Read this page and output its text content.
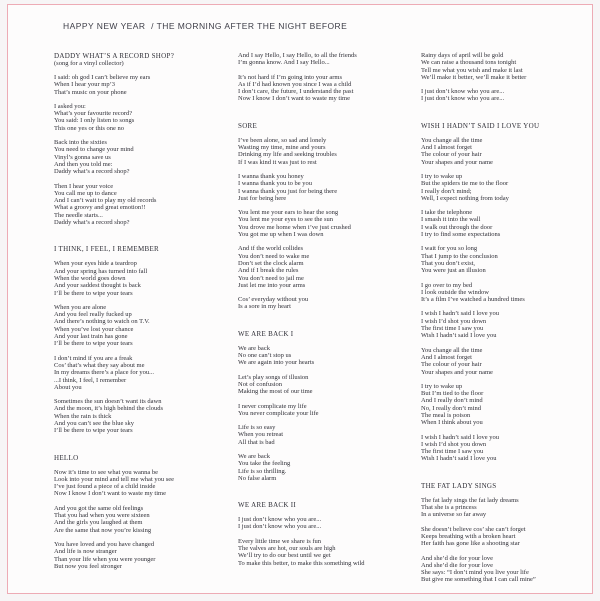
HAPPY NEW YEAR  / THE MORNING AFTER THE NIGHT BEFORE
DADDY WHAT’S A RECORD SHOP?
(song for a vinyl collector)
I said: oh god I can’t believe my ears
When I hear your mp’3
That’s music on your phone
I asked you:
What’s your favourite record?
You said: I only listen to songs
This one yes or this one no
Back into the sixties
You need to change your mind
Vinyl’s gonna save us
And then you told me:
Daddy what’s a record shop?
Then I hear your voice
You call me up to dance
And I can’t wait to play my old records
What a groovy and great emotion!!
The needle starts...
Daddy what’s a record shop?
I THINK, I FEEL, I REMEMBER
When your eyes hide a teardrop
And your spring has turned into fall
When the world goes down
And your saddest thought is back
I’ll be there to wipe your tears
When you are alone
And you feel really fucked up
And there’s nothing to watch on T.V.
When you’ve lost your chance
And your last train has gone
I’ll be there to wipe your tears
I don’t mind if you are a freak
Cos’ that’s what they say about me
In my dreams there’s a place for you...
...I think, I feel, I remember
About you
Sometimes the sun doesn’t want its dawn
And the moon, it’s high behind the clouds
When the rain is thick
And you can’t see the blue sky
I’ll be there to wipe your tears
HELLO
Now it’s time to see what you wanna be
Look into your mind and tell me what you see
I’ve just found a piece of a child inside
Now I know I don’t want to waste my time
And you got the same old feelings
That you had when you were sixteen
And the girls you laughed at them
Are the same that now you’re kissing
You have loved and you have changed
And life is now stranger
Than your life when you were younger
But now you feel stronger
And I say Hello, I say Hello, to all the friends
I’m gonna know. And I say Hello...
It’s not hard if I’m going into your arms
As if I’d had known you since I was a child
I don’t care, the future, I understand the past
Now I know I don’t want to waste my time
SORE
I’ve been alone, so sad and lonely
Wasting my time, mine and yours
Drinking my life and seeking troubles
If I was kind it was just to rest
I wanna thank you honey
I wanna thank you to be you
I wanna thank you just for being there
Just for being here
You lent me your ears to hear the song
You lent me your eyes to see the sun
You drove me home when i’ve just crushed
You got me up when I was down
And if the world collides
You don’t need to wake me
Don’t set the clock alarm
And if I break the rules
You don’t need to jail me
Just let me into your arms
Cos’ everyday without you
Is a sore in my heart
WE ARE BACK I
We are back
No one can’t stop us
We are again into your hearts
Let’s play songs of illusion
Not of confusion
Making the most of our time
I never complicate my life
You never complicate your life
Life is so easy
When you retreat
All that is bad
We are back
You take the feeling
Life is so thrilling.
No false alarm
WE ARE BACK II
I just don’t know who you are...
I just don’t know who you are...
Every little time we share is fun
The valves are hot, our souls are high
We’ll try to do our best until we get
To make this better, to make this something wild
Rainy days of april will be gold
We can raise a thousand tons tonight
Tell me what you wish and make it last
We’ll make it better, we’ll make it better
I just don’t know who you are...
I just don’t know who you are...
WISH I HADN’T SAID I LOVE YOU
You change all the time
And I almost forget
The colour of your hair
Your shapes and your name
I try to wake up
But the spiders tie me to the floor
I really don’t mind;
Well, I expect nothing from today
I take the telephone
I smash it into the wall
I walk out through the door
I try to find some expectations
I wait for you so long
That I jump to the conclusion
That you don’t exist,
You were just an illusion
I go over to my bed
I look outside the window
It’s a film I’ve watched a hundred times
I wish I hadn’t said I love you
I wish I’d shot you down
The first time I saw you
Wish I hadn’t said I love you
You change all the time
And I almost forget
The colour of your hair
Your shapes and your name
I try to wake up
But I’m tied to the floor
And I really don’t mind
No, I really don’t mind
The meal is poison
When I think about you
I wish I hadn’t said I love you
I wish I’d shot you down
The first time I saw you
Wish I hadn’t said I love you
THE FAT LADY SINGS
The fat lady sings the fat lady dreams
That she is a princess
In a universe so far away
She doesn’t believe cos’ she can’t forget
Keeps breathing with a broken heart
Her faith has gone like a shooting star
And she’d die for your love
And she’d die for your love
She says: “I don’t mind you live your life
But give me something that I can call mine”
